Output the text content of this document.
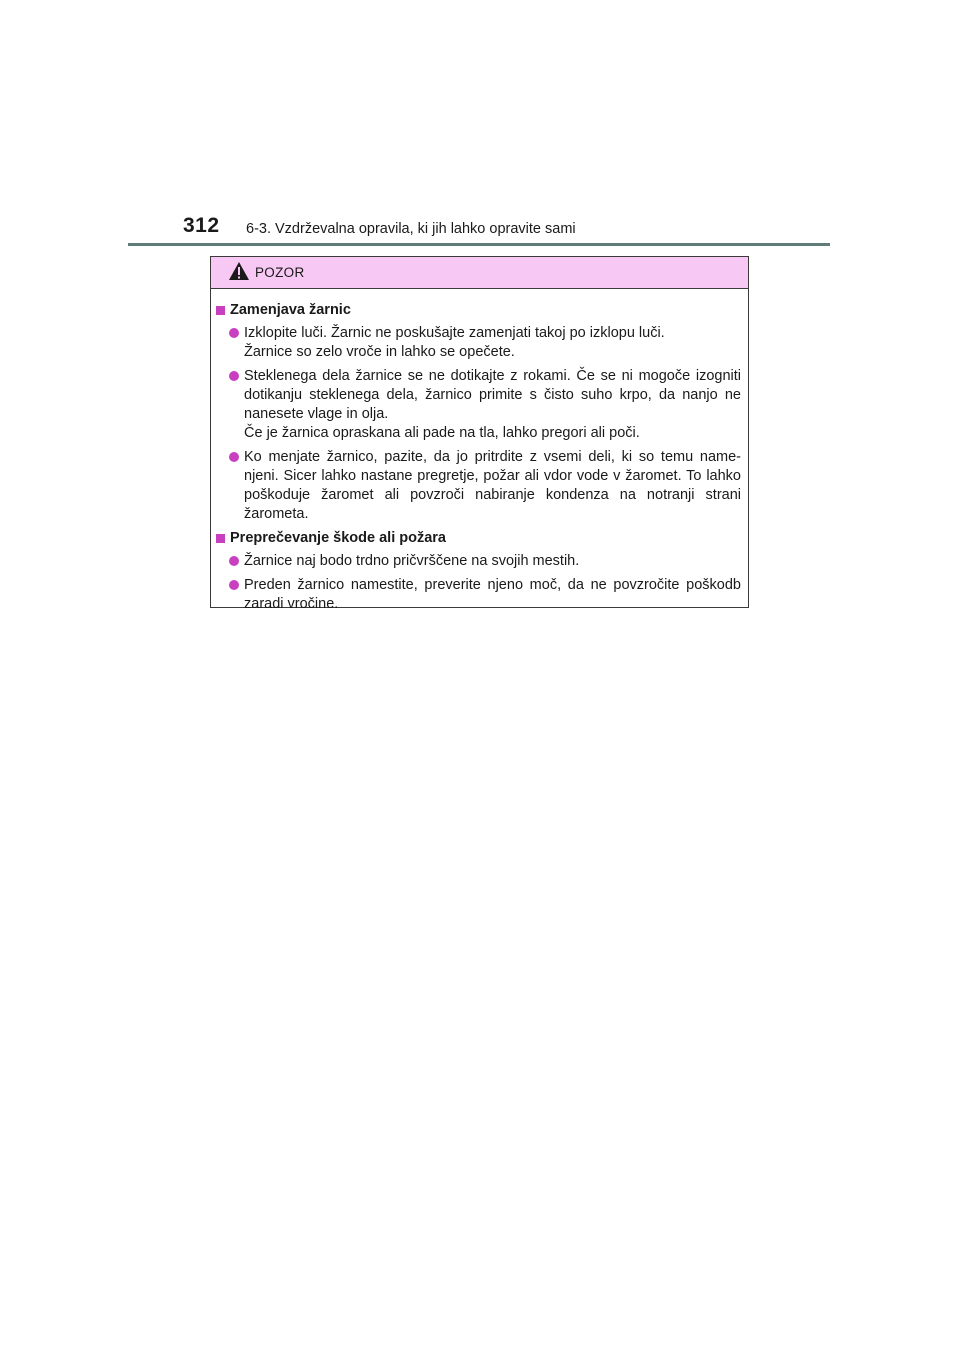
312 6-3. Vzdrževalna opravila, ki jih lahko opravite sami
POZOR
Zamenjava žarnic

Izklopite luči. Žarnic ne poskušajte zamenjati takoj po izklopu luči.

Žarnice so zelo vroče in lahko se opečete.

Steklenega dela žarnice se ne dotikajte z rokami. Če se ni mogoče izogniti dotikanju steklenega dela, žarnico primite s čisto suho krpo, da nanjo ne nanesete vlage in olja.

Če je žarnica opraskana ali pade na tla, lahko pregori ali poči.

Ko menjate žarnico, pazite, da jo pritrdite z vsemi deli, ki so temu name- njeni. Sicer lahko nastane pregretje, požar ali vdor vode v žaromet. To lahko poškoduje žaromet ali povzroči nabiranje kondenza na notranji strani žarometa.

Preprečevanje škode ali požara

Žarnice naj bodo trdno pričvrščene na svojih mestih.

Preden žarnico namestite, preverite njeno moč, da ne povzročite poškodb zaradi vročine.
